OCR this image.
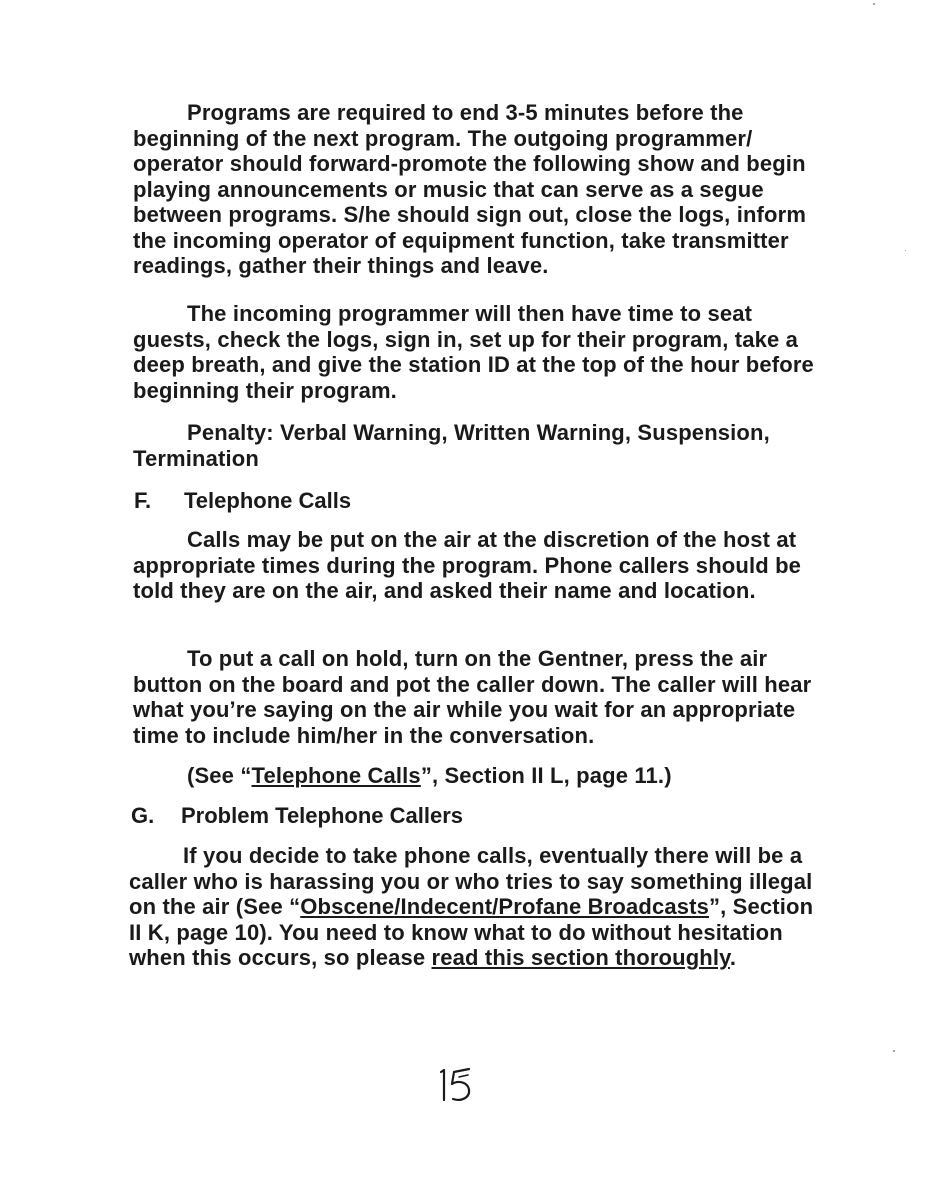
Programs are required to end 3-5 minutes before the beginning of the next program. The outgoing programmer/ operator should forward-promote the following show and begin playing announcements or music that can serve as a segue between programs. S/he should sign out, close the logs, inform the incoming operator of equipment function, take transmitter readings, gather their things and leave.

The incoming programmer will then have time to seat guests, check the logs, sign in, set up for their program, take a deep breath, and give the station ID at the top of the hour before beginning their program.

Penalty: Verbal Warning, Written Warning, Suspension, Termination

F. Telephone Calls

Calls may be put on the air at the discretion of the host at appropriate times during the program. Phone callers should be told they are on the air, and asked their name and location.

To put a call on hold, turn on the Gentner, press the air button on the board and pot the caller down. The caller will hear what you’re saying on the air while you wait for an appropriate time to include him/her in the conversation.

(See “Telephone Calls”, Section II L, page 11.)

G. Problem Telephone Callers

If you decide to take phone calls, eventually there will be a caller who is harassing you or who tries to say something illegal on the air (See “Obscene/Indecent/Profane Broadcasts”, Section II K, page 10). You need to know what to do without hesitation when this occurs, so please read this section thoroughly.
